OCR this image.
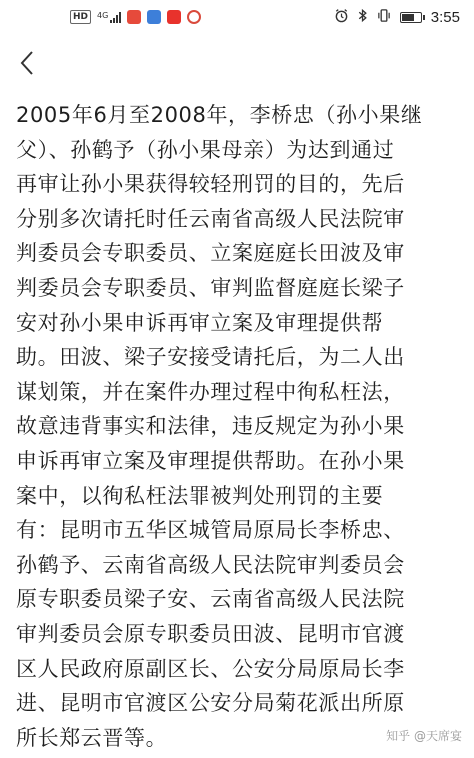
HD	4G	3:55
2005年6月至2008年，李桥忠（孙小果继
父）、孙鹤予（孙小果母亲）为达到通过
再审让孙小果获得较轻刑罚的目的，先后
分别多次请托时任云南省高级人民法院审
判委员会专职委员、立案庭庭长田波及审
判委员会专职委员、审判监督庭庭长梁子
安对孙小果申诉再审立案及审理提供帮
助。田波、梁子安接受请托后，为二人出
谋划策，并在案件办理过程中徇私枉法，
故意违背事实和法律，违反规定为孙小果
申诉再审立案及审理提供帮助。在孙小果
案中，以徇私枉法罪被判处刑罚的主要
有：昆明市五华区城管局原局长李桥忠、
孙鹤予、云南省高级人民法院审判委员会
原专职委员梁子安、云南省高级人民法院
审判委员会原专职委员田波、昆明市官渡
区人民政府原副区长、公安分局原局长李
进、昆明市官渡区公安分局菊花派出所原
所长郑云晋等。	知乎 @天席宴
